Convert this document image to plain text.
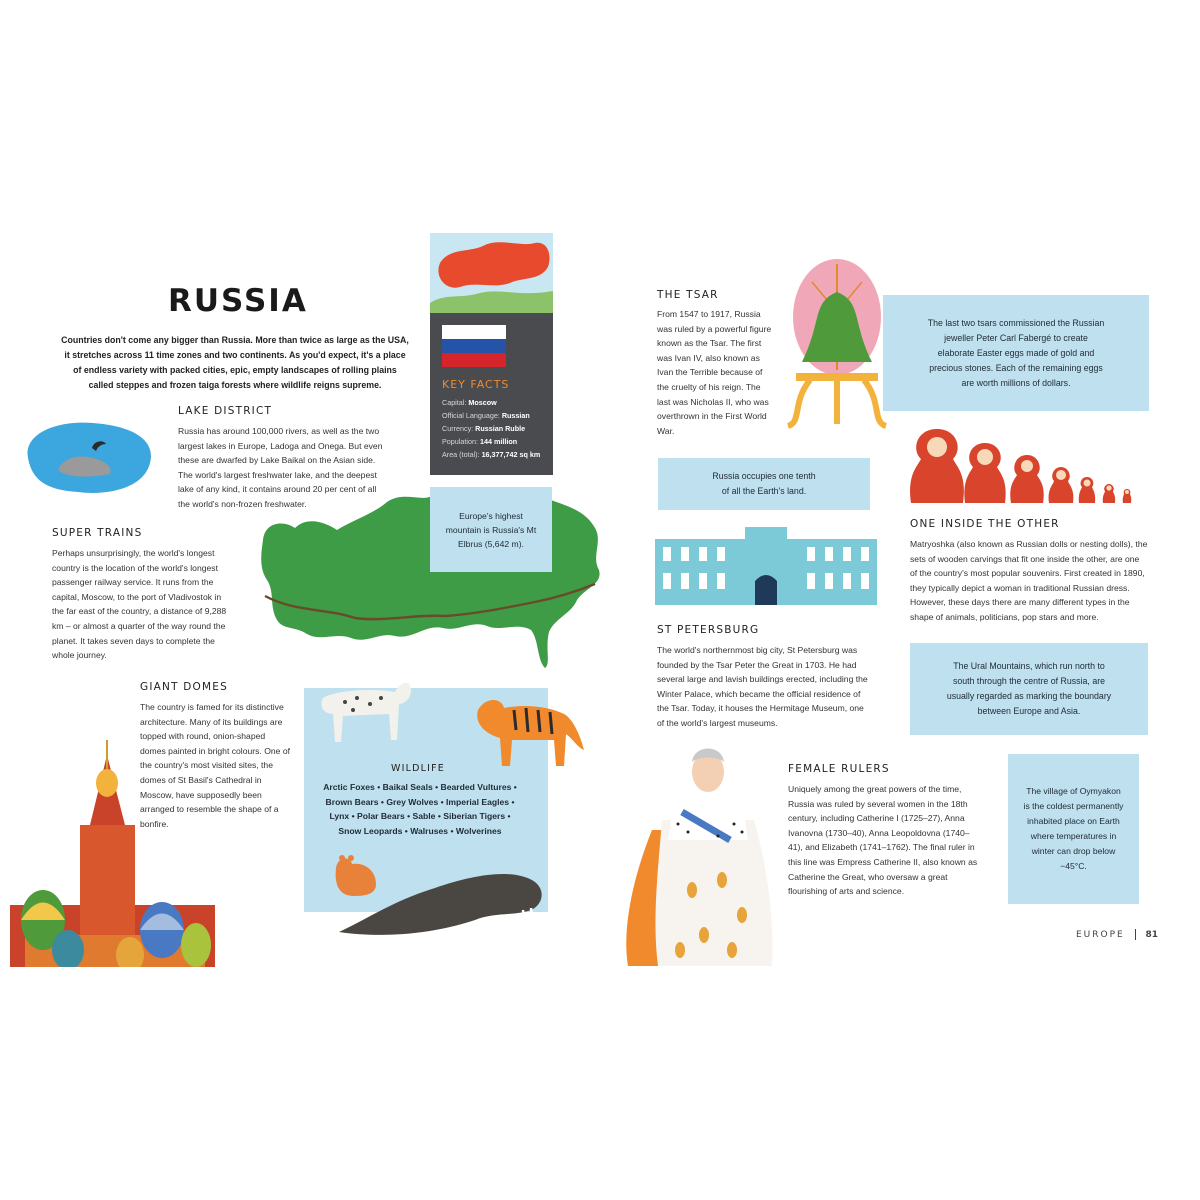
RUSSIA

Countries don't come any bigger than Russia. More than twice as large as the USA, it stretches across 11 time zones and two continents. As you'd expect, it's a place of endless variety with packed cities, epic, empty landscapes of rolling plains called steppes and frozen taiga forests where wildlife reigns supreme.

LAKE DISTRICT

Russia has around 100,000 rivers, as well as the two largest lakes in Europe, Ladoga and Onega. But even these are dwarfed by Lake Baikal on the Asian side. The world's largest freshwater lake, and the deepest lake of any kind, it contains around 20 per cent of all the world's non-frozen freshwater.

KEY FACTS
Capital: Moscow
Official Language: Russian
Currency: Russian Ruble
Population: 144 million
Area (total): 16,377,742 sq km
Europe's highest mountain is Russia's Mt Elbrus (5,642 m).
SUPER TRAINS

Perhaps unsurprisingly, the world's longest country is the location of the world's longest passenger railway service. It runs from the capital, Moscow, to the port of Vladivostok in the far east of the country, a distance of 9,288 km – or almost a quarter of the way round the planet. It takes seven days to complete the whole journey.

GIANT DOMES

The country is famed for its distinctive architecture. Many of its buildings are topped with round, onion-shaped domes painted in bright colours. One of the country's most visited sites, the domes of St Basil's Cathedral in Moscow, have supposedly been arranged to resemble the shape of a bonfire.

WILDLIFE

Arctic Foxes • Baikal Seals • Bearded Vultures • Brown Bears • Grey Wolves • Imperial Eagles • Lynx • Polar Bears • Sable • Siberian Tigers • Snow Leopards • Walruses • Wolverines

THE TSAR

From 1547 to 1917, Russia was ruled by a powerful figure known as the Tsar. The first was Ivan IV, also known as Ivan the Terrible because of the cruelty of his reign. The last was Nicholas II, who was overthrown in the First World War.

The last two tsars commissioned the Russian jeweller Peter Carl Fabergé to create elaborate Easter eggs made of gold and precious stones. Each of the remaining eggs are worth millions of dollars.
Russia occupies one tenth of all the Earth's land.
ONE INSIDE THE OTHER

Matryoshka (also known as Russian dolls or nesting dolls), the sets of wooden carvings that fit one inside the other, are one of the country's most popular souvenirs. First created in 1890, they typically depict a woman in traditional Russian dress. However, these days there are many different types in the shape of animals, politicians, pop stars and more.

ST PETERSBURG

The world's northernmost big city, St Petersburg was founded by the Tsar Peter the Great in 1703. He had several large and lavish buildings erected, including the Winter Palace, which became the official residence of the Tsar. Today, it houses the Hermitage Museum, one of the world's largest museums.

The Ural Mountains, which run north to south through the centre of Russia, are usually regarded as marking the boundary between Europe and Asia.
FEMALE RULERS

Uniquely among the great powers of the time, Russia was ruled by several women in the 18th century, including Catherine I (1725–27), Anna Ivanovna (1730–40), Anna Leopoldovna (1740–41), and Elizabeth (1741–1762). The final ruler in this line was Empress Catherine II, also known as Catherine the Great, who oversaw a great flourishing of arts and science.

The village of Oymyakon is the coldest permanently inhabited place on Earth where temperatures in winter can drop below −45°C.
EUROPE 81
